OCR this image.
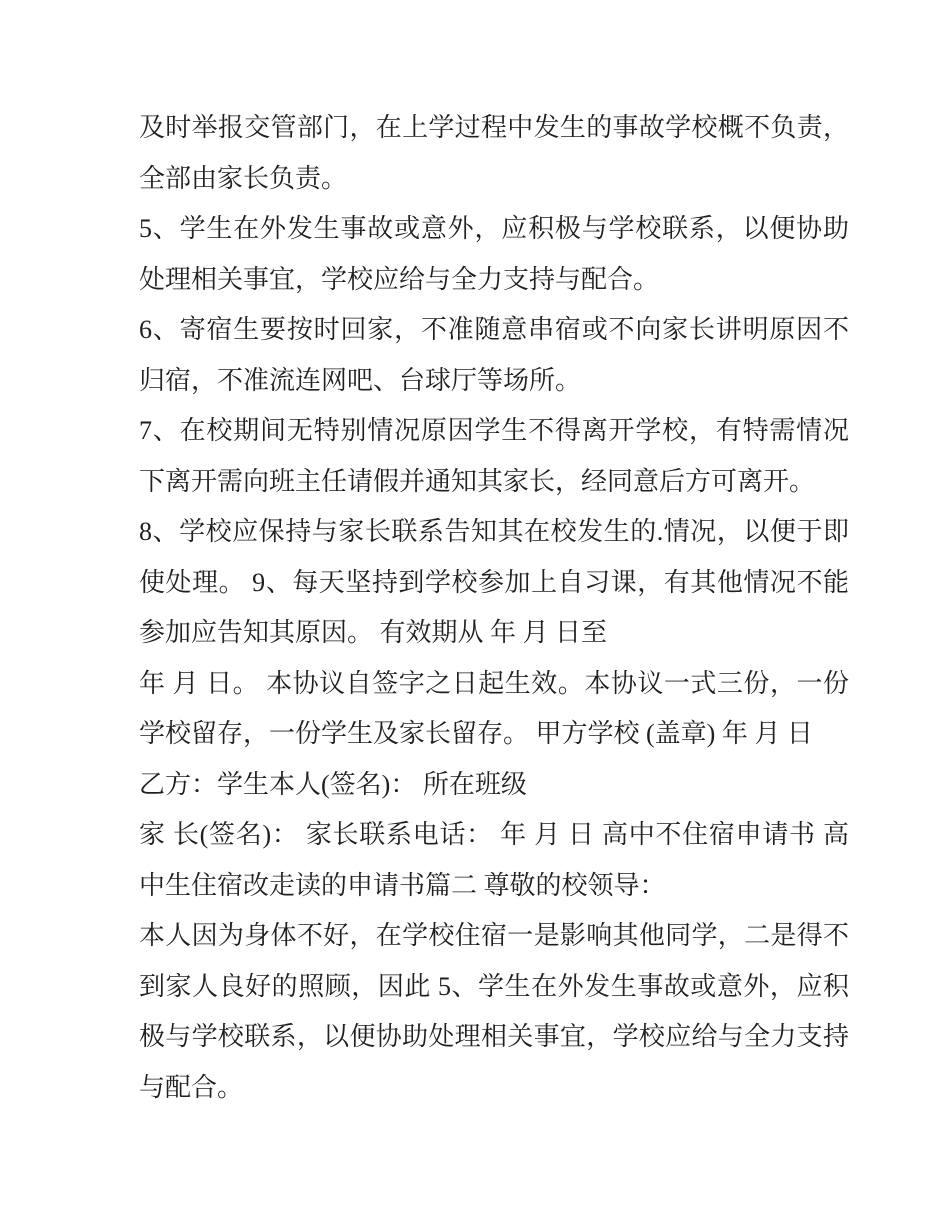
及时举报交管部门，在上学过程中发生的事故学校概不负责，
全部由家长负责。

5、学生在外发生事故或意外，应积极与学校联系，以便协助
处理相关事宜，学校应给与全力支持与配合。

6、寄宿生要按时回家，不准随意串宿或不向家长讲明原因不
归宿，不准流连网吧、台球厅等场所。

7、在校期间无特别情况原因学生不得离开学校，有特需情况
下离开需向班主任请假并通知其家长，经同意后方可离开。

8、学校应保持与家长联系告知其在校发生的.情况，以便于即
使处理。 9、每天坚持到学校参加上自习课，有其他情况不能
参加应告知其原因。 有效期从 年 月 日至

年 月 日。 本协议自签字之日起生效。本协议一式三份，一份
学校留存，一份学生及家长留存。 甲方学校 (盖章) 年 月 日

乙方：学生本人(签名)： 所在班级

家 长(签名)： 家长联系电话： 年 月 日 高中不住宿申请书 高
中生住宿改走读的申请书篇二 尊敬的校领导：

本人因为身体不好，在学校住宿一是影响其他同学，二是得不
到家人良好的照顾，因此 5、学生在外发生事故或意外，应积
极与学校联系，以便协助处理相关事宜，学校应给与全力支持
与配合。
